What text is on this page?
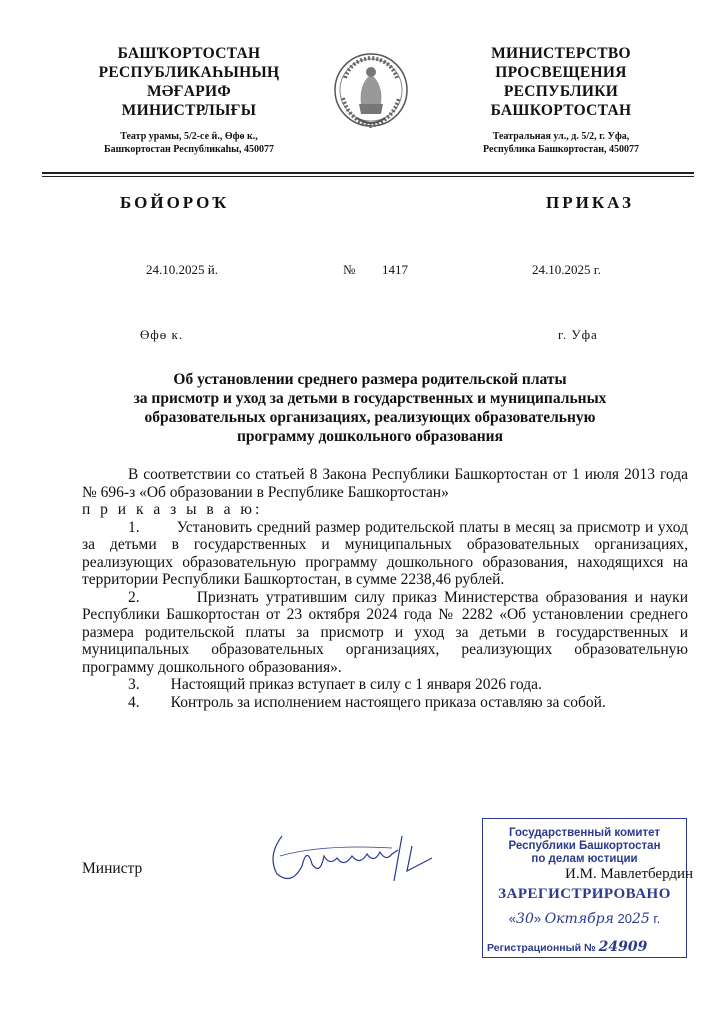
БАШҠОРТОСТАН
РЕСПУБЛИКАҺЫНЫҢ
МӘҒАРИФ
МИНИСТРЛЫҒЫ
Театр урамы, 5/2-се й., Өфө к.,
Башҡортостан Республикаһы, 450077
МИНИСТЕРСТВО
ПРОСВЕЩЕНИЯ
РЕСПУБЛИКИ
БАШКОРТОСТАН
Театральная ул., д. 5/2, г. Уфа,
Республика Башкортостан, 450077
БОЙОРОҠ	ПРИКАЗ
24.10.2025 й.	№ 1417	24.10.2025 г.
Өфө к.	г. Уфа
Об установлении среднего размера родительской платы
за присмотр и уход за детьми в государственных и муниципальных
образовательных организациях, реализующих образовательную
программу дошкольного образования

В соответствии со статьей 8 Закона Республики Башкортостан от 1 июля 2013 года № 696-з «Об образовании в Республике Башкортостан»

п р и к а з ы в а ю:

1. Установить средний размер родительской платы в месяц за присмотр и уход за детьми в государственных и муниципальных образовательных организациях, реализующих образовательную программу дошкольного образования, находящихся на территории Республики Башкортостан, в сумме 2238,46 рублей.

2.	Признать утратившим силу приказ Министерства образования и науки Республики Башкортостан от 23 октября 2024 года № 2282 «Об установлении среднего размера родительской платы за присмотр и уход за детьми в государственных и муниципальных образовательных организациях, реализующих образовательную программу дошкольного образования».

3. Настоящий приказ вступает в силу с 1 января 2026 года.

4. Контроль за исполнением настоящего приказа оставляю за собой.

Министр
Государственный комитет
Республики Башкортостан
по делам юстиции
ЗАРЕГИСТРИРОВАНО
«30» Октября 2025 г.
Регистрационный № 24909
И.М. Мавлетбердин
